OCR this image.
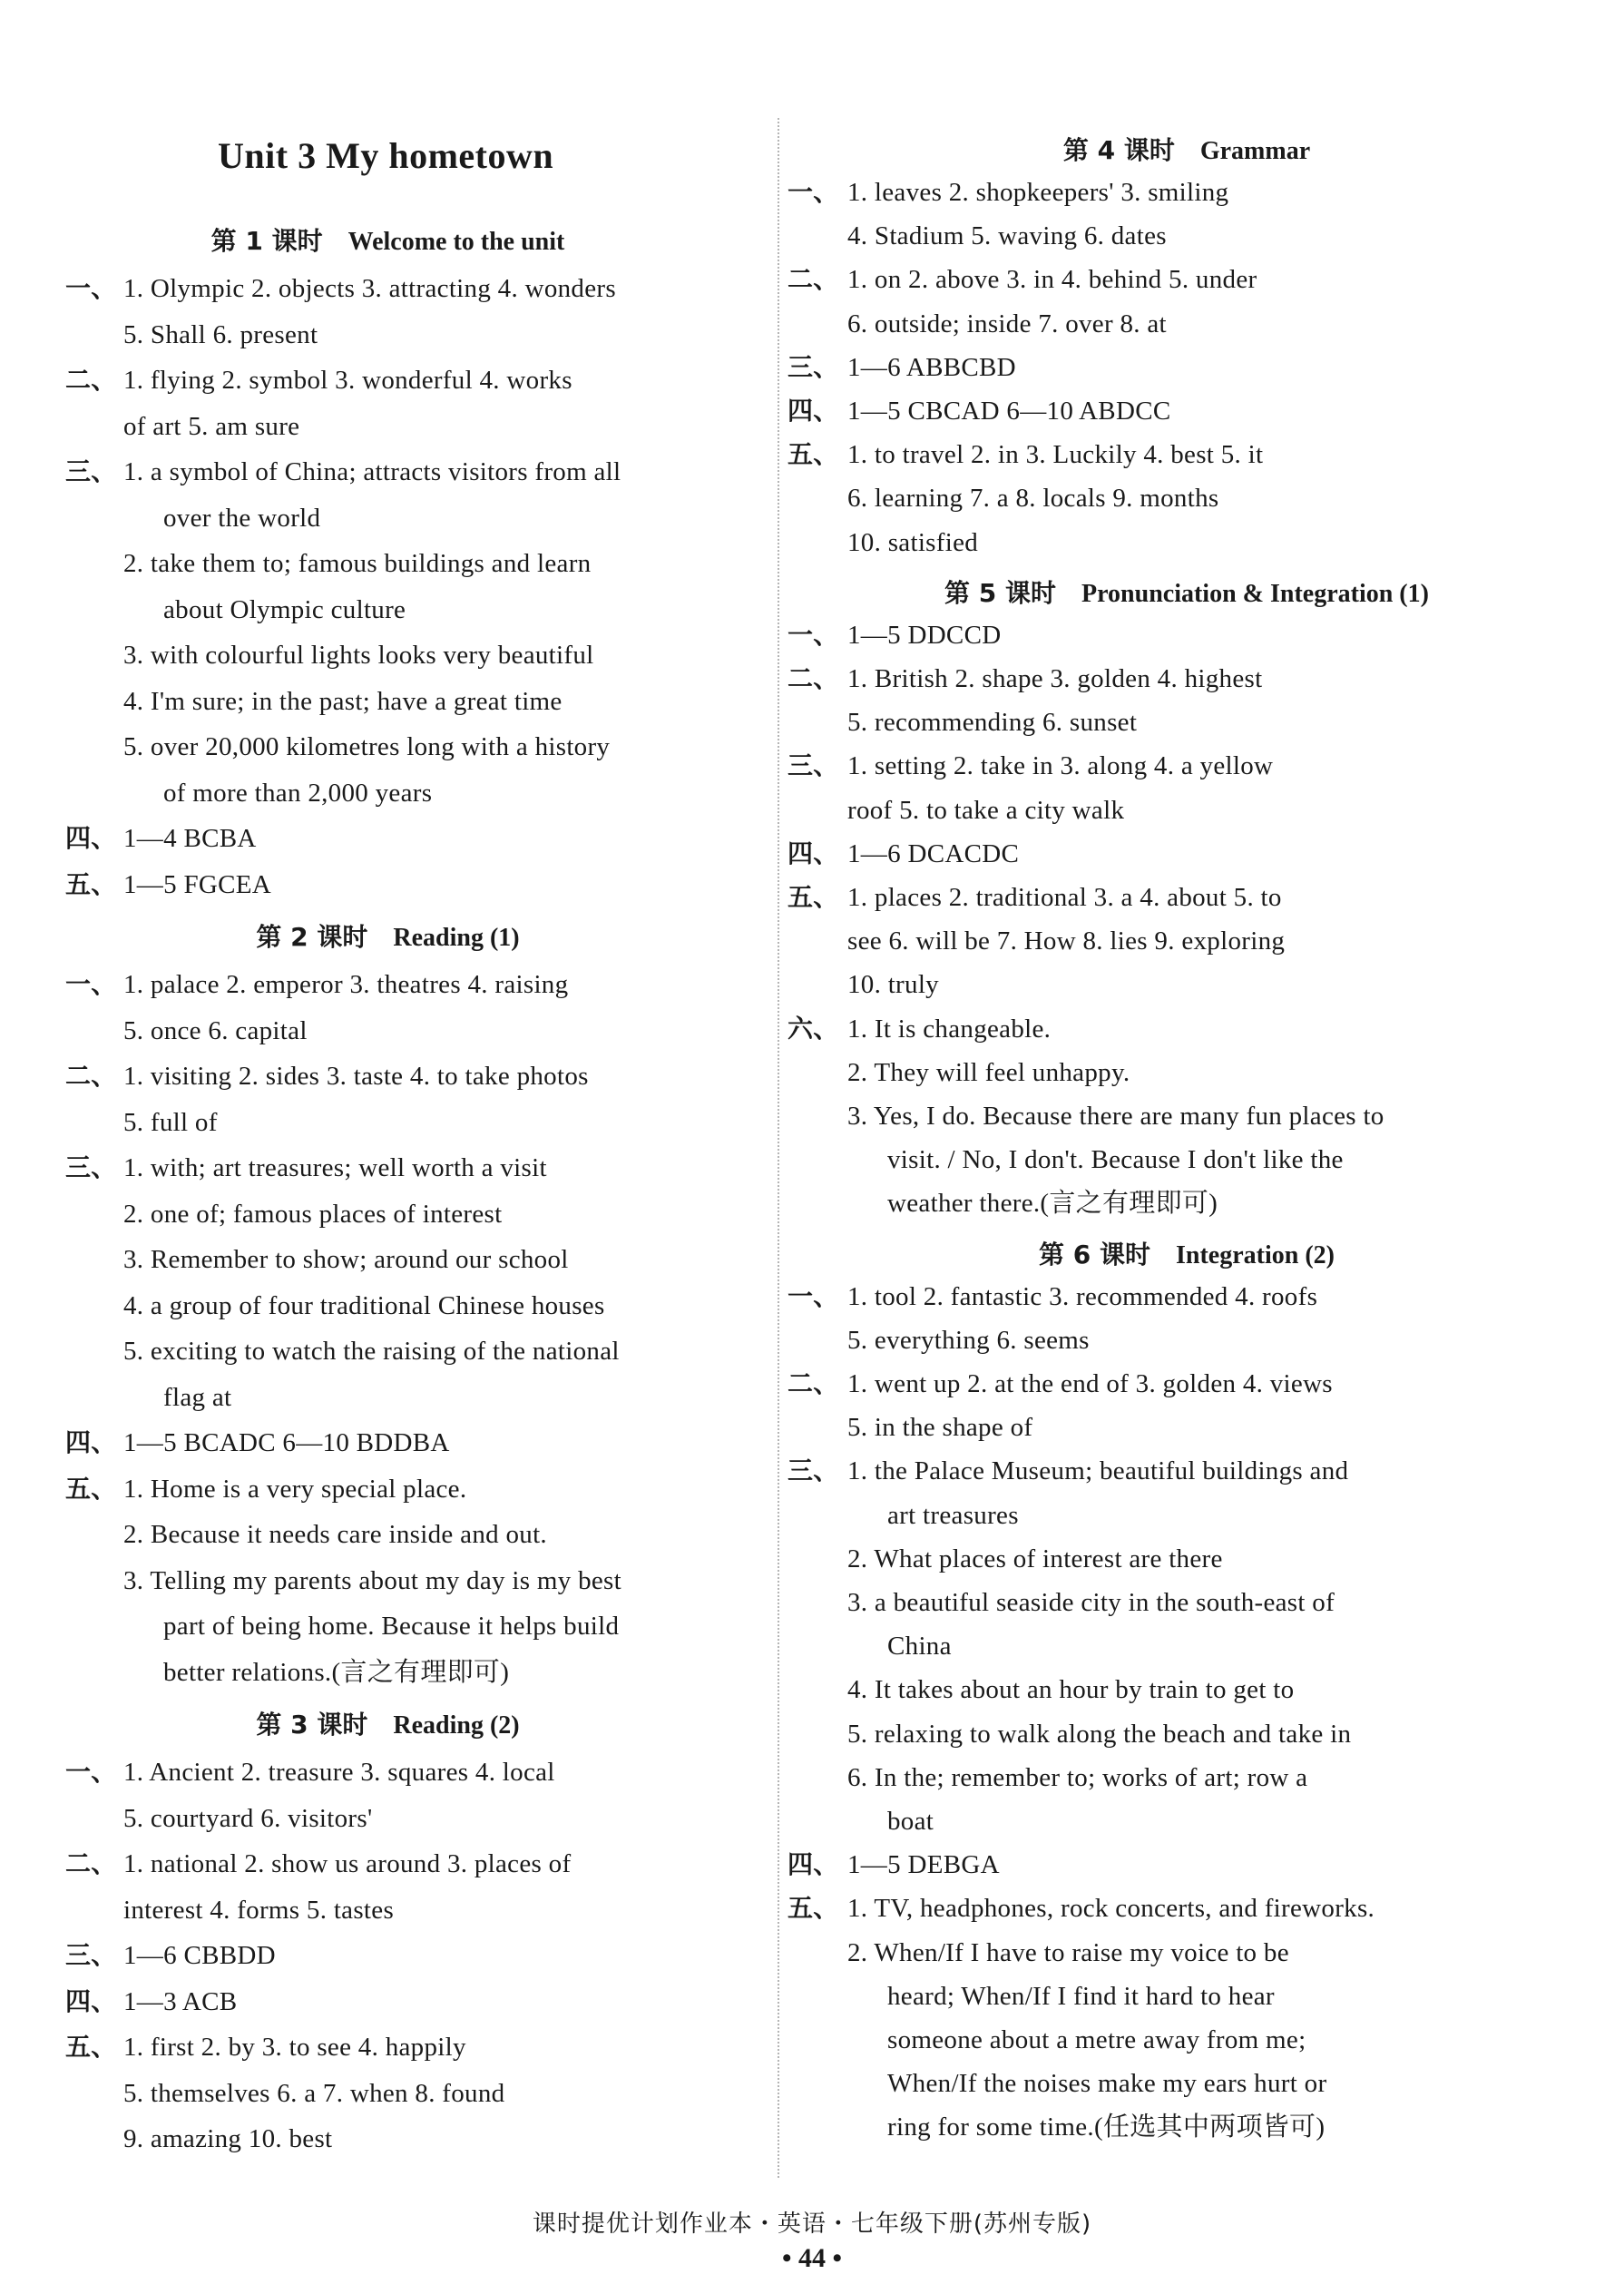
Unit 3 My hometown
第 1 课时 Welcome to the unit
一、 1. Olympic 2. objects 3. attracting 4. wonders
5. Shall 6. present
二、 1. flying 2. symbol 3. wonderful 4. works
of art 5. am sure
三、 1. a symbol of China; attracts visitors from all
over the world
2. take them to; famous buildings and learn
about Olympic culture
3. with colourful lights looks very beautiful
4. I'm sure; in the past; have a great time
5. over 20,000 kilometres long with a history
of more than 2,000 years
四、 1—4 BCBA
五、 1—5 FGCEA
第 2 课时 Reading (1)
一、 1. palace 2. emperor 3. theatres 4. raising
5. once 6. capital
二、 1. visiting 2. sides 3. taste 4. to take photos
5. full of
三、 1. with; art treasures; well worth a visit
2. one of; famous places of interest
3. Remember to show; around our school
4. a group of four traditional Chinese houses
5. exciting to watch the raising of the national
flag at
四、 1—5 BCADC 6—10 BDDBA
五、 1. Home is a very special place.
2. Because it needs care inside and out.
3. Telling my parents about my day is my best
part of being home. Because it helps build
better relations.(言之有理即可)
第 3 课时 Reading (2)
一、 1. Ancient 2. treasure 3. squares 4. local
5. courtyard 6. visitors'
二、 1. national 2. show us around 3. places of
interest 4. forms 5. tastes
三、 1—6 CBBDD
四、 1—3 ACB
五、 1. first 2. by 3. to see 4. happily
5. themselves 6. a 7. when 8. found
9. amazing 10. best
第 4 课时 Grammar
一、 1. leaves 2. shopkeepers' 3. smiling
4. Stadium 5. waving 6. dates
二、 1. on 2. above 3. in 4. behind 5. under
6. outside; inside 7. over 8. at
三、 1—6 ABBCBD
四、 1—5 CBCAD 6—10 ABDCC
五、 1. to travel 2. in 3. Luckily 4. best 5. it
6. learning 7. a 8. locals 9. months
10. satisfied
第 5 课时 Pronunciation & Integration (1)
一、 1—5 DDCCD
二、 1. British 2. shape 3. golden 4. highest
5. recommending 6. sunset
三、 1. setting 2. take in 3. along 4. a yellow
roof 5. to take a city walk
四、 1—6 DCACDC
五、 1. places 2. traditional 3. a 4. about 5. to
see 6. will be 7. How 8. lies 9. exploring
10. truly
六、 1. It is changeable.
2. They will feel unhappy.
3. Yes, I do. Because there are many fun places to
visit. / No, I don't. Because I don't like the
weather there.(言之有理即可)
第 6 课时 Integration (2)
一、 1. tool 2. fantastic 3. recommended 4. roofs
5. everything 6. seems
二、 1. went up 2. at the end of 3. golden 4. views
5. in the shape of
三、 1. the Palace Museum; beautiful buildings and
art treasures
2. What places of interest are there
3. a beautiful seaside city in the south-east of
China
4. It takes about an hour by train to get to
5. relaxing to walk along the beach and take in
6. In the; remember to; works of art; row a
boat
四、 1—5 DEBGA
五、 1. TV, headphones, rock concerts, and fireworks.
2. When/If I have to raise my voice to be
heard; When/If I find it hard to hear
someone about a metre away from me;
When/If the noises make my ears hurt or
ring for some time.(任选其中两项皆可)
课时提优计划作业本・英语・七年级下册(苏州专版)
• 44 •
